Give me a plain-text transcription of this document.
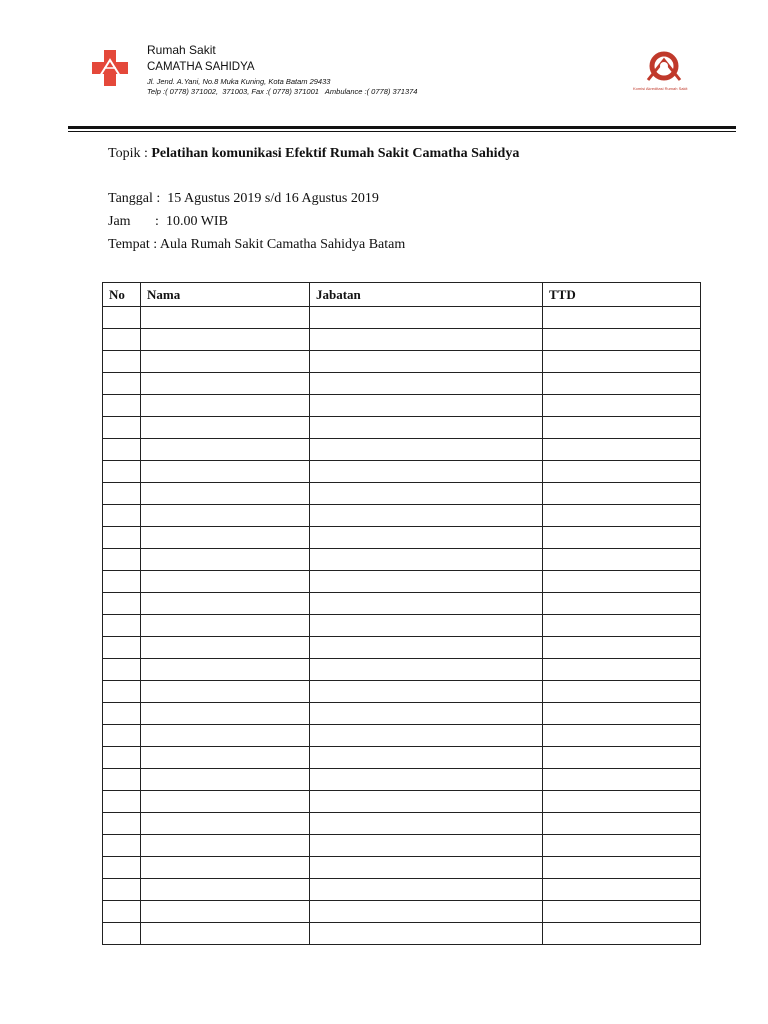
Rumah Sakit
CAMATHA SAHIDYA
Jl. Jend. A.Yani, No.8 Muka Kuning, Kota Batam 29433
Telp :( 0778) 371002,  371003, Fax :( 0778) 371001   Ambulance :( 0778) 371374	Komisi Akreditasi Rumah Sakit
Topik : Pelatihan komunikasi Efektif Rumah Sakit Camatha Sahidya
Tanggal :  15 Agustus 2019 s/d 16 Agustus 2019
Jam       :  10.00 WIB
Tempat : Aula Rumah Sakit Camatha Sahidya Batam
No	Nama	Jabatan	TTD
